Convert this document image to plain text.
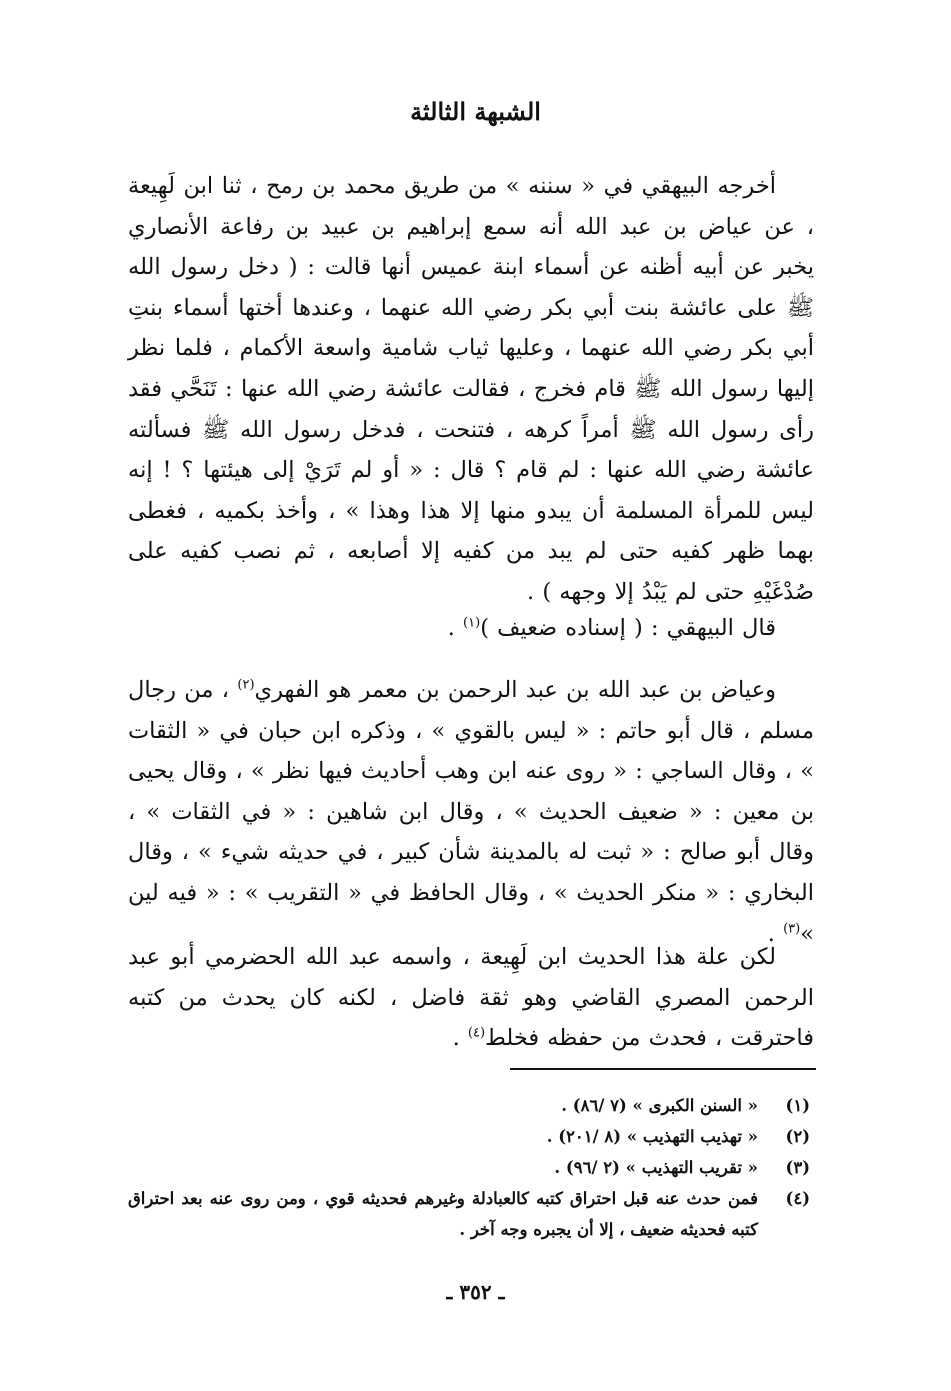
الشبهة الثالثة
أخرجه البيهقي في « سننه » من طريق محمد بن رمح ، ثنا ابن لَهِيعة ، عن عياض بن عبد الله أنه سمع إبراهيم بن عبيد بن رفاعة الأنصاري يخبر عن أبيه أظنه عن أسماء ابنة عميس أنها قالت : ( دخل رسول الله ﷺ على عائشة بنت أبي بكر رضي الله عنهما ، وعندها أختها أسماء بنتِ أبي بكر رضي الله عنهما ، وعليها ثياب شامية واسعة الأكمام ، فلما نظر إليها رسول الله ﷺ قام فخرج ، فقالت عائشة رضي الله عنها : تَنَحَّي فقد رأى رسول الله ﷺ أمراً كرهه ، فتنحت ، فدخل رسول الله ﷺ فسألته عائشة رضي الله عنها : لم قام ؟ قال : « أو لم تَرَيْ إلى هيئتها ؟ ! إنه ليس للمرأة المسلمة أن يبدو منها إلا هذا وهذا » ، وأخذ بكميه ، فغطى بهما ظهر كفيه حتى لم يبد من كفيه إلا أصابعه ، ثم نصب كفيه على صُدْغَيْهِ حتى لم يَبْدُ إلا وجهه ) .
قال البيهقي : ( إسناده ضعيف )$^{(١)}$ .
وعياض بن عبد الله بن عبد الرحمن بن معمر هو الفهري$^{(٢)}$ ، من رجال مسلم ، قال أبو حاتم : « ليس بالقوي » ، وذكره ابن حبان في « الثقات » ، وقال الساجي : « روى عنه ابن وهب أحاديث فيها نظر » ، وقال يحيى بن معين : « ضعيف الحديث » ، وقال ابن شاهين : « في الثقات » ، وقال أبو صالح : « ثبت له بالمدينة شأن كبير ، في حديثه شيء » ، وقال البخاري : « منكر الحديث » ، وقال الحافظ في « التقريب » : « فيه لين »$^{(٣)}$ .
لكن علة هذا الحديث ابن لَهِيعة ، واسمه عبد الله الحضرمي أبو عبد الرحمن المصري القاضي وهو ثقة فاضل ، لكنه كان يحدث من كتبه فاحترقت ، فحدث من حفظه فخلط$^{(٤)}$ .
(١)
« السنن الكبرى » (٧ /٨٦) .
(٢)
« تهذيب التهذيب » (٨ /٢٠١) .
(٣)
« تقريب التهذيب » (٢ /٩٦) .
(٤)
فمن حدث عنه قبل احتراق كتبه كالعبادلة وغيرهم فحديثه قوي ، ومن روى عنه بعد احتراق كتبه فحديثه ضعيف ، إلا أن يجبره وجه آخر .
ـ ٣٥٢ ـ
